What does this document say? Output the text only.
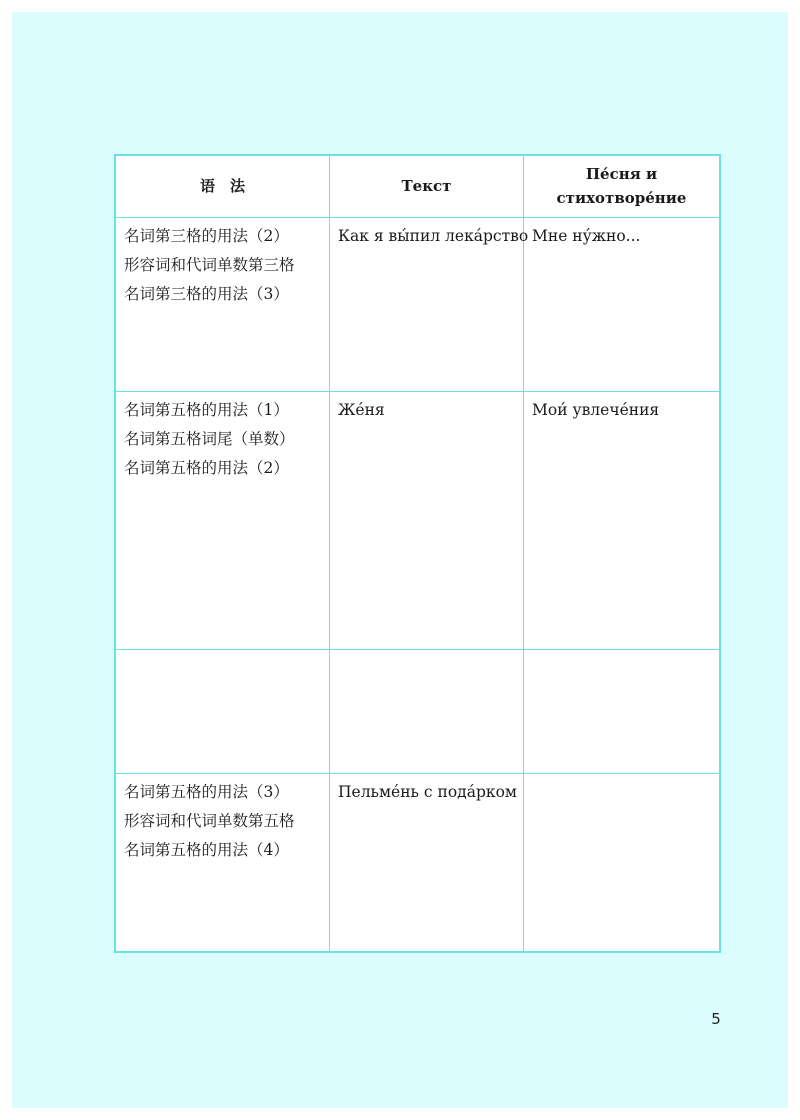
语　法	Текст
Пе́сня и
стихотворе́ние
名词第三格的用法（2）
形容词和代词单数第三格
名词第三格的用法（3）
Как я вы́пил лека́рство Мне ну́жно...
名词第五格的用法（1）
名词第五格词尾（单数）
名词第五格的用法（2）
Же́ня	Мои́ увлече́ния
名词第五格的用法（3）
形容词和代词单数第五格
名词第五格的用法（4）
Пельме́нь с пода́рком
5
